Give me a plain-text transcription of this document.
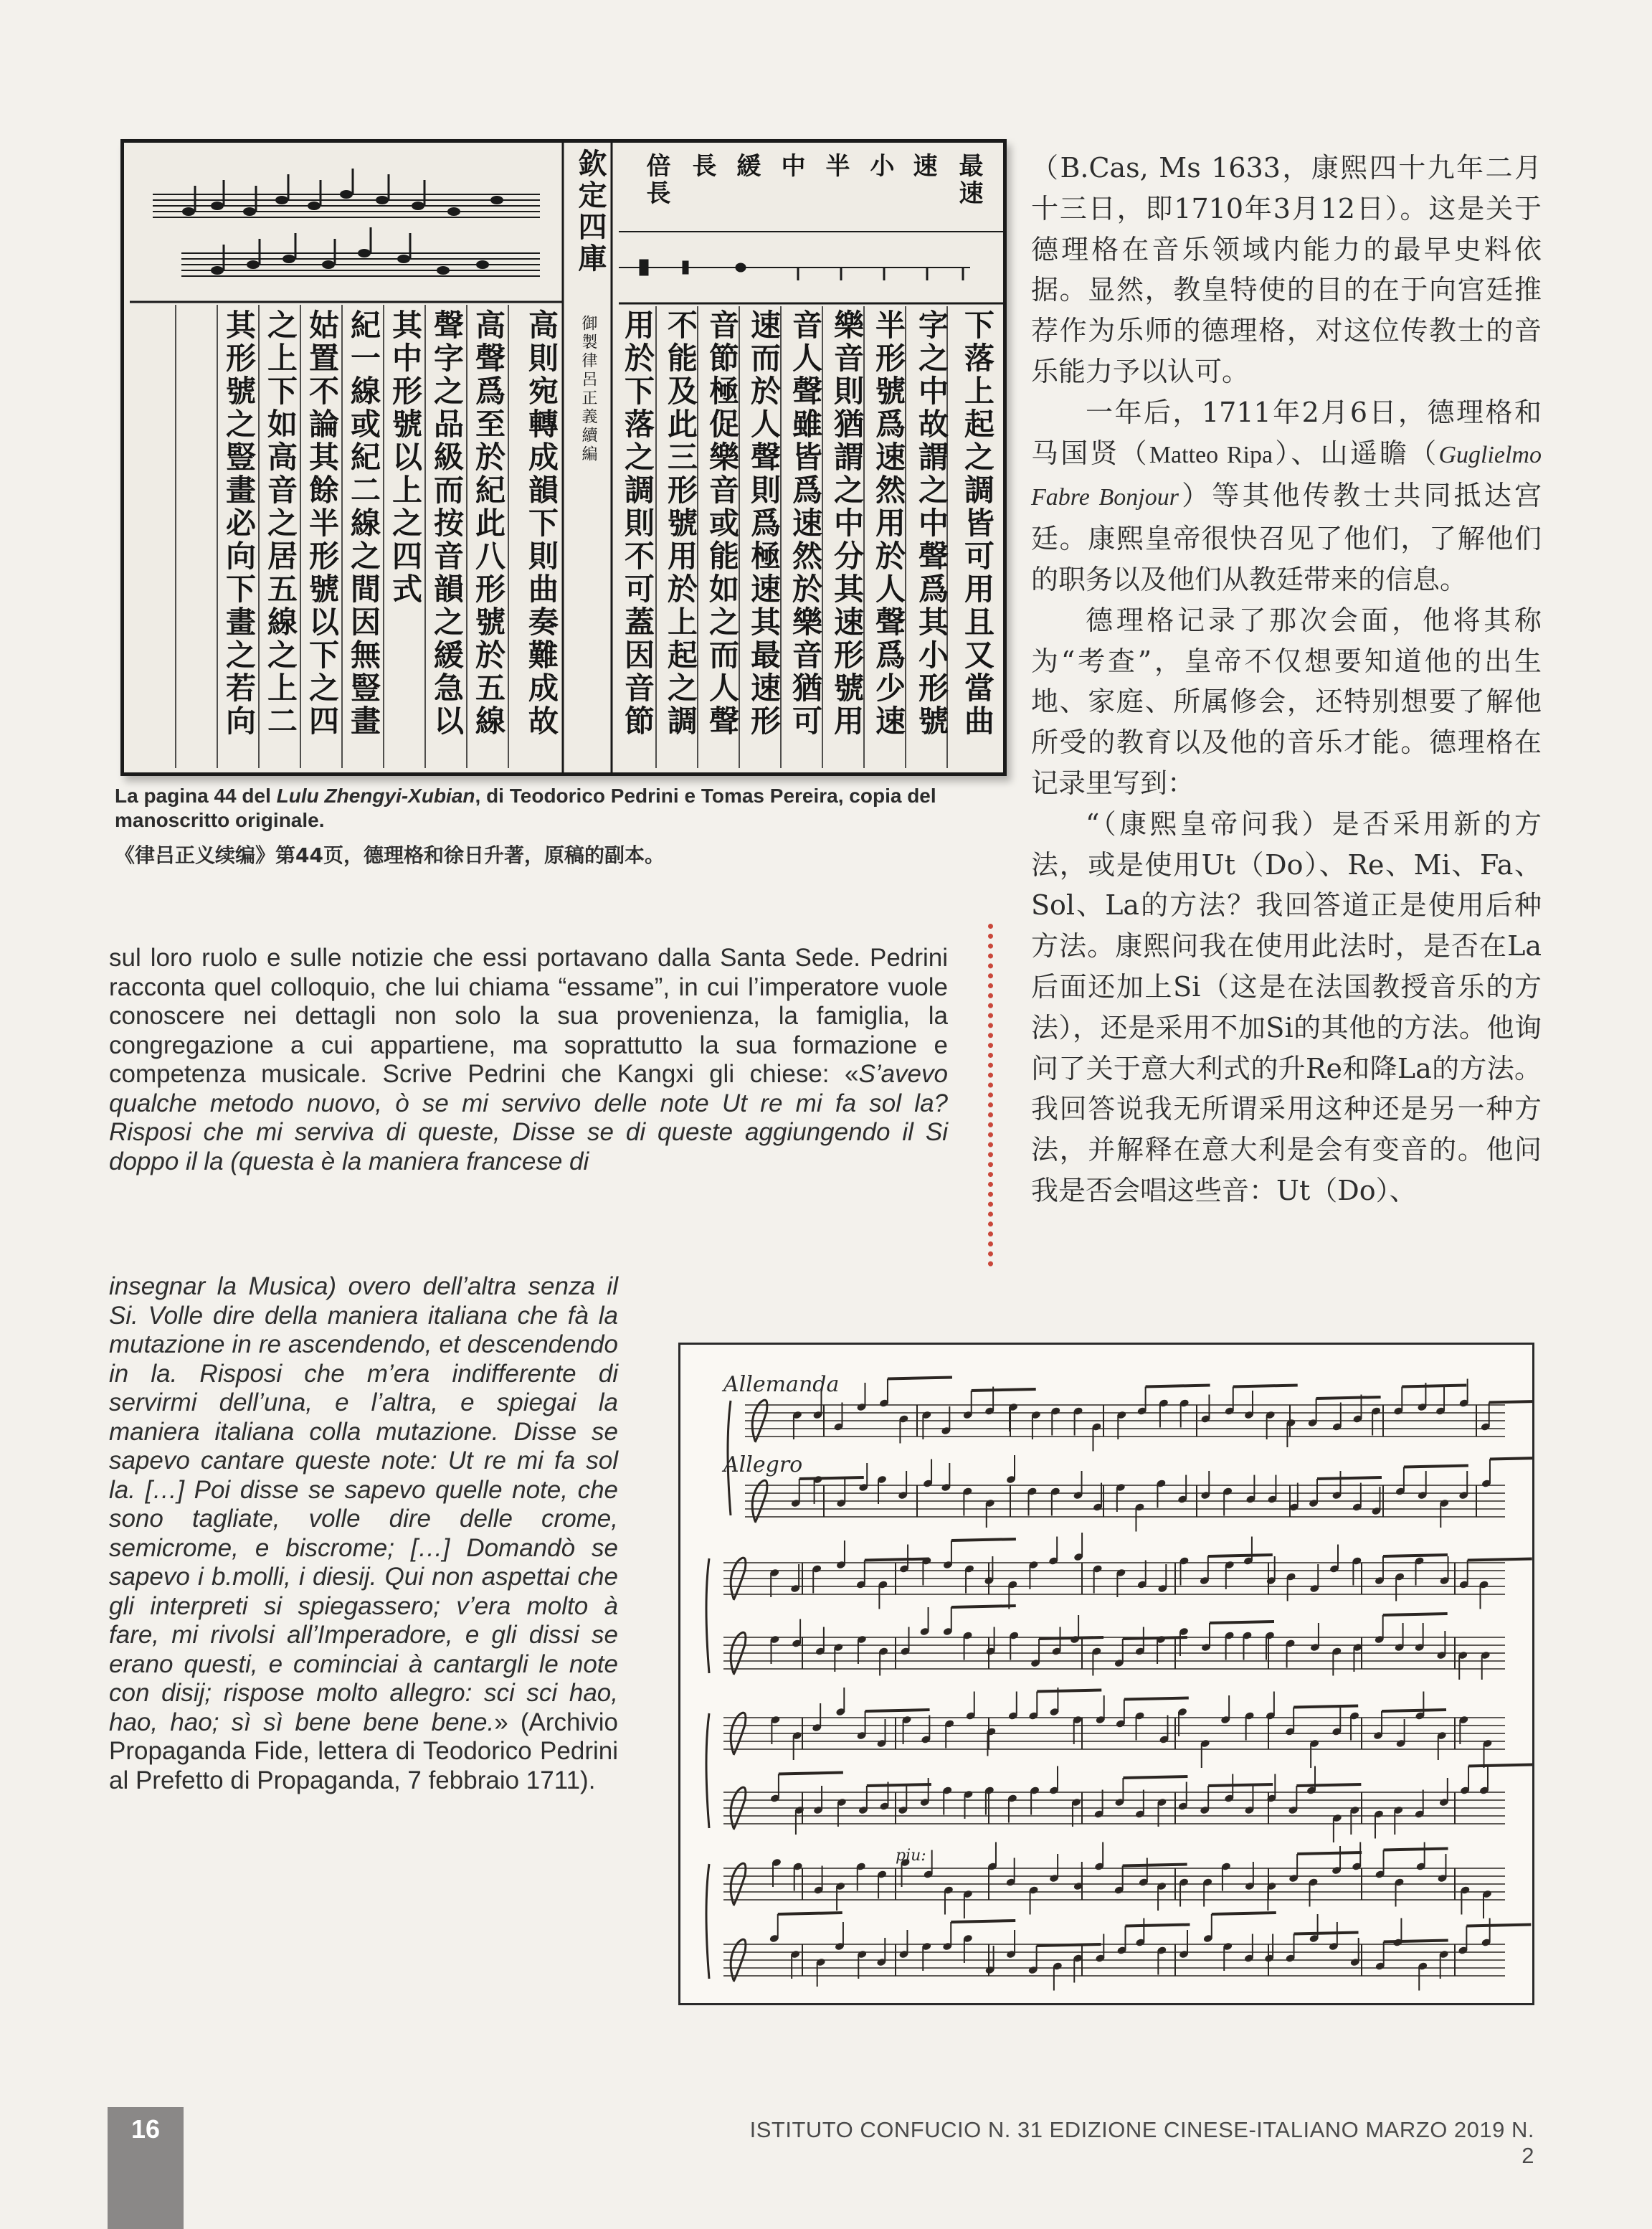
欽定四庫
御製律呂正義續編
最速
速
小
半
中
緩
長
倍長
下落上起之調皆可用且又當曲
字之中故謂之中聲爲其小形號
半形號爲速然用於人聲爲少速
樂音則猶謂之中分其速形號用
音人聲雖皆爲速然於樂音猶可
速而於人聲則爲極速其最速形
音節極促樂音或能如之而人聲
不能及此三形號用於上起之調
用於下落之調則不可蓋因音節
高則宛轉成韻下則曲奏難成故
高聲爲至於紀此八形號於五線
聲字之品級而按音韻之緩急以
其中形號以上之四式
紀一線或紀二線之間因無豎畫
姑置不論其餘半形號以下之四
之上下如高音之居五線之上二
其形號之豎畫必向下畫之若向
La pagina 44 del Lulu Zhengyi-Xubian, di Teodorico Pedrini e Tomas Pereira, copia del manoscritto originale.
《律吕正义续编》第44页，德理格和徐日升著，原稿的副本。

（B.Cas, Ms 1633，康熙四十九年二月十三日，即1710年3月12日）。这是关于德理格在音乐领域内能力的最早史料依据。显然，教皇特使的目的在于向宫廷推荐作为乐师的德理格，对这位传教士的音乐能力予以认可。

一年后，1711年2月6日，德理格和马国贤（Matteo Ripa）、山遥瞻（Guglielmo Fabre Bonjour）等其他传教士共同抵达宫廷。康熙皇帝很快召见了他们，了解他们的职务以及他们从教廷带来的信息。

德理格记录了那次会面，他将其称为“考查”，皇帝不仅想要知道他的出生地、家庭、所属修会，还特别想要了解他所受的教育以及他的音乐才能。德理格在记录里写到：

“（康熙皇帝问我）是否采用新的方法，或是使用Ut（Do）、Re、Mi、Fa、Sol、La的方法？我回答道正是使用后种方法。康熙问我在使用此法时，是否在La后面还加上Si（这是在法国教授音乐的方法），还是采用不加Si的其他的方法。他询问了关于意大利式的升Re和降La的方法。我回答说我无所谓采用这种还是另一种方法，并解释在意大利是会有变音的。他问我是否会唱这些音：Ut（Do）、

sul loro ruolo e sulle notizie che essi portavano dalla Santa Sede. Pedrini racconta quel colloquio, che lui chiama “essame”, in cui l’imperatore vuole conoscere nei dettagli non solo la sua provenienza, la famiglia, la congregazione a cui appartiene, ma soprattutto la sua formazione e competenza musicale. Scrive Pedrini che Kangxi gli chiese: «S’avevo qualche metodo nuovo, ò se mi servivo delle note Ut re mi fa sol la? Risposi che mi serviva di queste, Disse se di queste aggiungendo il Si doppo il la (questa è la maniera francese di

insegnar la Musica) overo dell’altra senza il Si. Volle dire della maniera italiana che fà la mutazione in re ascendendo, et descendendo in la. Risposi che m’era indifferente di servirmi dell’una, e l’altra, e spiegai la maniera italiana colla mutazione. Disse se sapevo cantare queste note: Ut re mi fa sol la. […] Poi disse se sapevo quelle note, che sono tagliate, volle dire delle crome, semicrome, e biscrome; […] Domandò se sapevo i b.molli, i diesij. Qui non aspettai che gli interpreti si spiegassero; v’era molto à fare, mi rivolsi all’Imperadore, e gli dissi se erano questi, e cominciai à cantargli le note con disij; rispose molto allegro: sci sci hao, hao, hao; sì sì bene bene bene.» (Archivio Propaganda Fide, lettera di Teodorico Pedrini al Prefetto di Propaganda, 7 febbraio 1711).

Allemanda
Allegro
piu:
16	ISTITUTO CONFUCIO N. 31 EDIZIONE CINESE-ITALIANO MARZO 2019 N. 2
